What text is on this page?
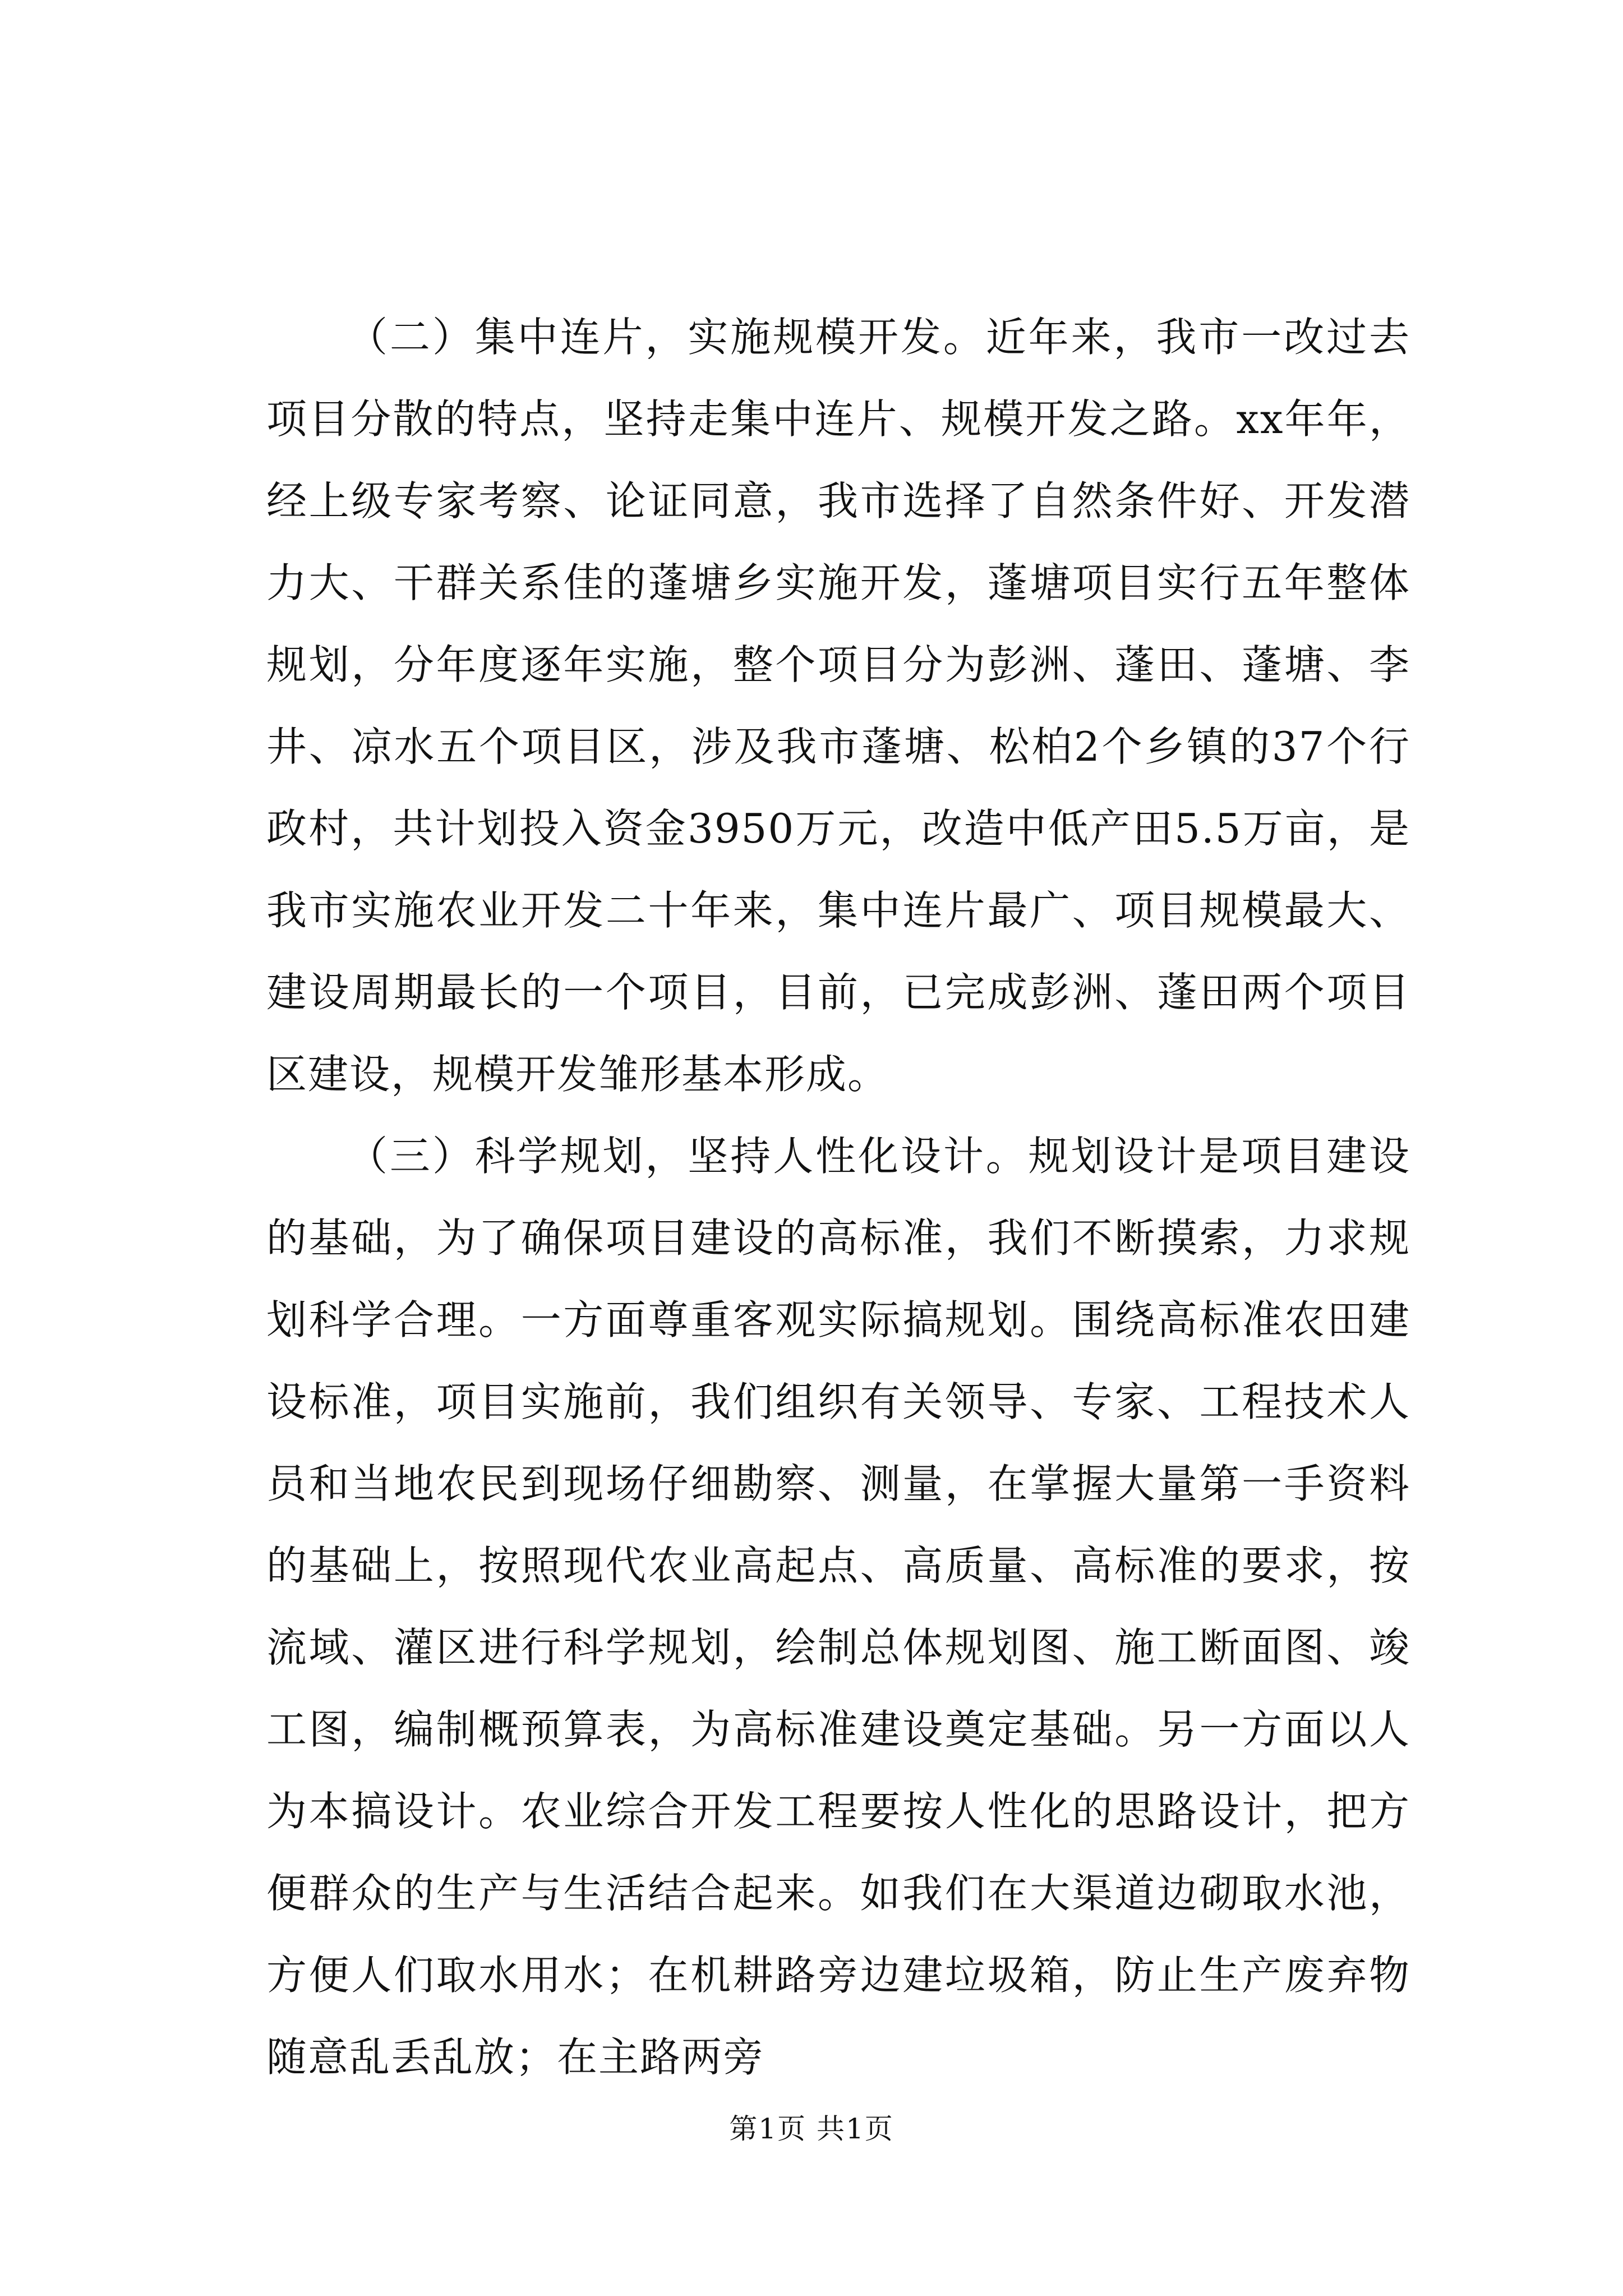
（二）集中连片，实施规模开发。近年来，我市一改过去项目分散的特点，坚持走集中连片、规模开发之路。xx年年，经上级专家考察、论证同意，我市选择了自然条件好、开发潜力大、干群关系佳的蓬塘乡实施开发，蓬塘项目实行五年整体规划，分年度逐年实施，整个项目分为彭洲、蓬田、蓬塘、李井、凉水五个项目区，涉及我市蓬塘、松柏2个乡镇的37个行政村，共计划投入资金3950万元，改造中低产田5.5万亩，是我市实施农业开发二十年来，集中连片最广、项目规模最大、建设周期最长的一个项目，目前，已完成彭洲、蓬田两个项目区建设，规模开发雏形基本形成。

（三）科学规划，坚持人性化设计。规划设计是项目建设的基础，为了确保项目建设的高标准，我们不断摸索，力求规划科学合理。一方面尊重客观实际搞规划。围绕高标准农田建设标准，项目实施前，我们组织有关领导、专家、工程技术人员和当地农民到现场仔细勘察、测量，在掌握大量第一手资料的基础上，按照现代农业高起点、高质量、高标准的要求，按流域、灌区进行科学规划，绘制总体规划图、施工断面图、竣工图，编制概预算表，为高标准建设奠定基础。另一方面以人为本搞设计。农业综合开发工程要按人性化的思路设计，把方便群众的生产与生活结合起来。如我们在大渠道边砌取水池，方便人们取水用水；在机耕路旁边建垃圾箱，防止生产废弃物随意乱丢乱放；在主路两旁

第1页 共1页
